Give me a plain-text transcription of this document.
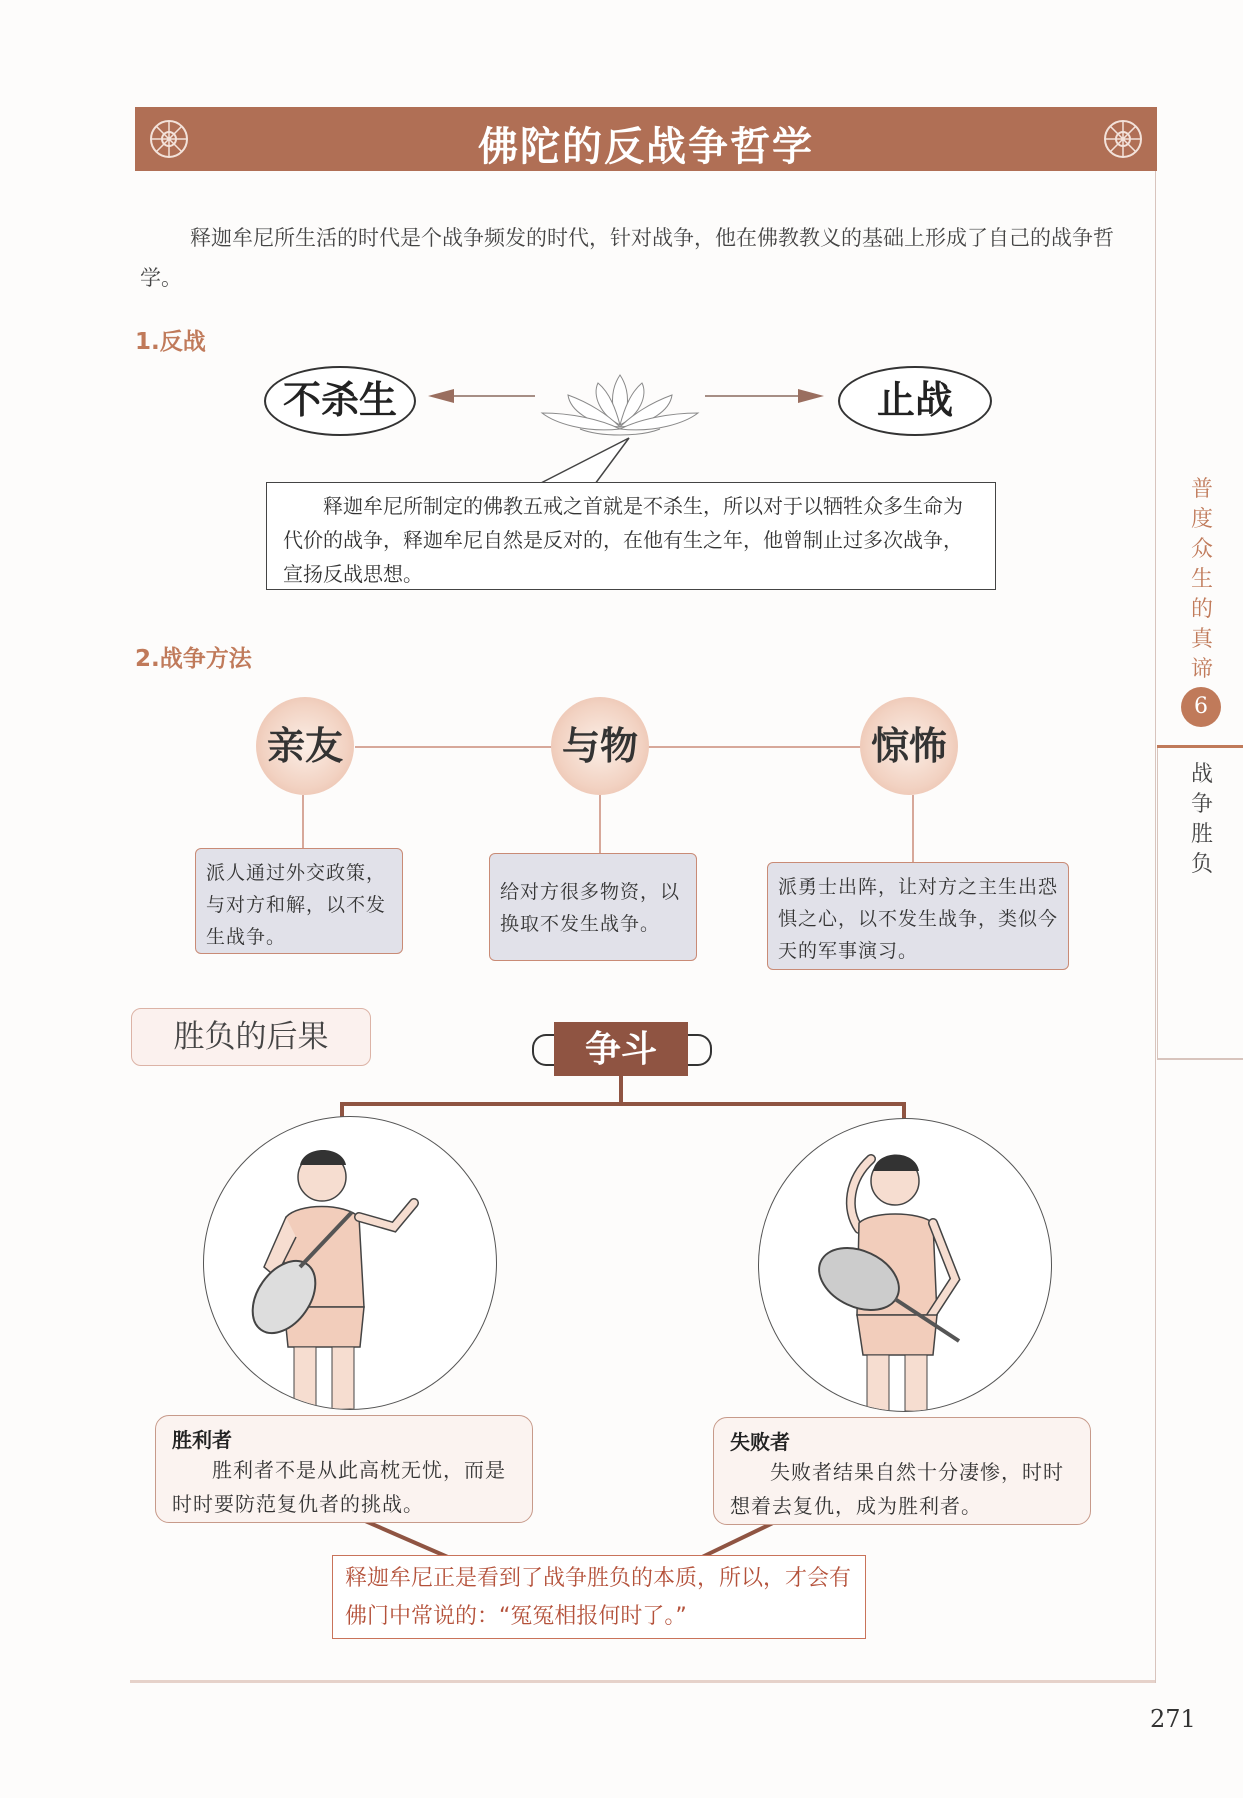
佛陀的反战争哲学
释迦牟尼所生活的时代是个战争频发的时代，针对战争，他在佛教教义的基础上形成了自己的战争哲学。
1.反战
不杀生	止战
释迦牟尼所制定的佛教五戒之首就是不杀生，所以对于以牺牲众多生命为代价的战争，释迦牟尼自然是反对的，在他有生之年，他曾制止过多次战争，宣扬反战思想。
2.战争方法
亲友	与物	惊怖
派人通过外交政策，与对方和解，以不发生战争。
给对方很多物资，以换取不发生战争。
派勇士出阵，让对方之主生出恐惧之心，以不发生战争，类似今天的军事演习。
胜负的后果	争斗
胜利者
胜利者不是从此高枕无忧，而是时时要防范复仇者的挑战。
失败者
失败者结果自然十分凄惨，时时想着去复仇，成为胜利者。
释迦牟尼正是看到了战争胜负的本质，所以，才会有佛门中常说的：“冤冤相报何时了。”
普度众生的真谛
6
战争胜负
271
